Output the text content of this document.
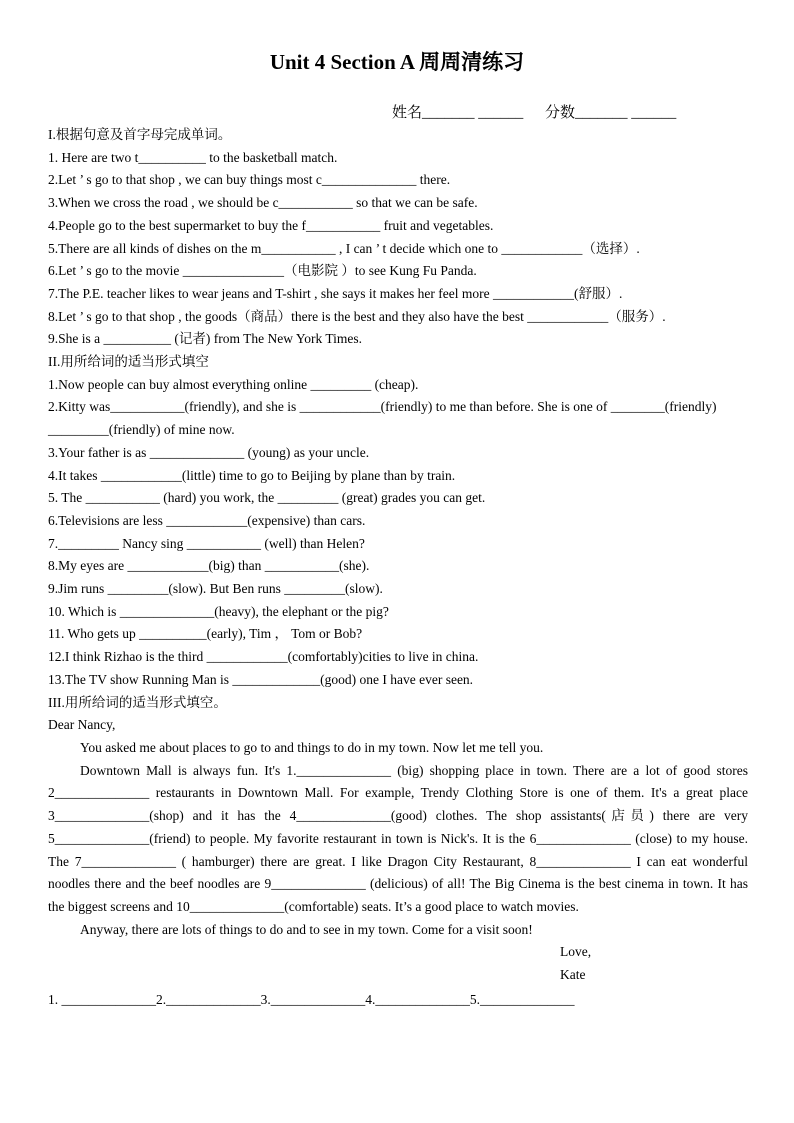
Unit 4 Section A 周周清练习
姓名_______ ______ 分数_______ ______
I.根据句意及首字母完成单词。
1. Here are two t__________ to the basketball match.
2.Let ’ s go to that shop , we can buy things most c______________ there.
3.When we cross the road , we should be c___________ so that we can be safe.
4.People go to the best supermarket to buy the f___________ fruit and vegetables.
5.There are all kinds of dishes on the m___________ , I can ’ t decide which one to ____________（选择）.
6.Let ’ s go to the movie _______________（电影院 ）to see Kung Fu Panda.
7.The P.E. teacher likes to wear jeans and T-shirt , she says it makes her feel more ____________(舒服）.
8.Let ’ s go to that shop , the goods（商品）there is the best and they also have the best ____________（服务）.
9.She is a __________ (记者) from The New York Times.
II.用所给词的适当形式填空
1.Now people can buy almost everything online _________ (cheap).
2.Kitty was___________(friendly), and she is ____________(friendly) to me than before. She is one of ________(friendly) _________(friendly) of mine now.
3.Your father is as ______________ (young) as your uncle.
4.It takes ____________(little) time to go to Beijing by plane than by train.
5. The ___________ (hard) you work, the _________ (great) grades you can get.
6.Televisions are less ____________(expensive) than cars.
7._________ Nancy sing ___________ (well) than Helen?
8.My eyes are ____________(big) than ___________(she).
9.Jim runs _________(slow). But Ben runs _________(slow).
10. Which is ______________(heavy), the elephant or the pig?
11. Who gets up __________(early), Tim ， Tom or Bob?
12.I think Rizhao is the third ____________(comfortably)cities to live in china.
13.The TV show Running Man is _____________(good) one I have ever seen.
III.用所给词的适当形式填空。
Dear Nancy,
You asked me about places to go to and things to do in my town. Now let me tell you.
Downtown Mall is always fun. It's 1.______________ (big) shopping place in town. There are a lot of good stores 2______________ restaurants in Downtown Mall. For example, Trendy Clothing Store is one of them. It's a great place 3______________(shop) and it has the 4______________(good) clothes. The shop assistants(店员) there are very 5______________(friend) to people. My favorite restaurant in town is Nick's. It is the 6______________ (close) to my house. The 7______________ ( hamburger) there are great. I like Dragon City Restaurant, 8______________ I can eat wonderful noodles there and the beef noodles are 9______________ (delicious) of all! The Big Cinema is the best cinema in town. It has the biggest screens and 10______________(comfortable) seats. It’s a good place to watch movies.
Anyway, there are lots of things to do and to see in my town. Come for a visit soon!
Love,
Kate
1. ______________2.______________3.______________4.______________5.______________
